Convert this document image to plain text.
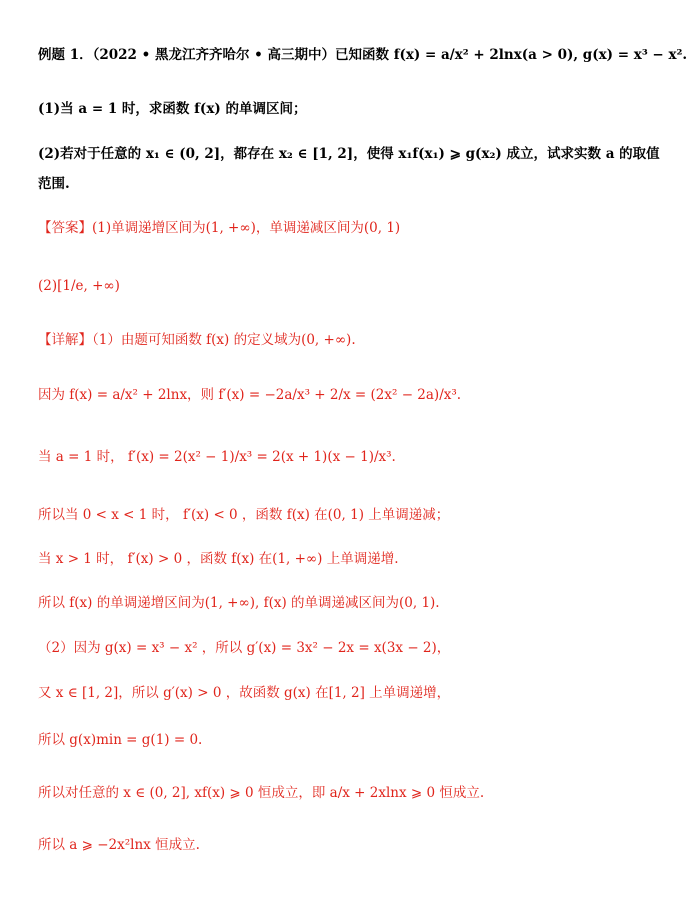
例题 1．（2022 • 黑龙江齐齐哈尔 • 高三期中）已知函数 f(x) = a/x² + 2lnx(a > 0), g(x) = x³ − x².
(1)当 a = 1 时，求函数 f(x) 的单调区间；
(2)若对于任意的 x₁ ∈ (0, 2]，都存在 x₂ ∈ [1, 2]，使得 x₁f(x₁) ⩾ g(x₂) 成立，试求实数 a 的取值
范围.
【答案】(1)单调递增区间为(1, +∞)，单调递减区间为(0, 1)
(2)[1/e, +∞)
【详解】（1）由题可知函数 f(x) 的定义域为(0, +∞).
因为 f(x) = a/x² + 2lnx，则 f′(x) = −2a/x³ + 2/x = (2x² − 2a)/x³.
当 a = 1 时， f′(x) = 2(x² − 1)/x³ = 2(x + 1)(x − 1)/x³.
所以当 0 < x < 1 时， f′(x) < 0 ，函数 f(x) 在(0, 1) 上单调递减；
当 x > 1 时， f′(x) > 0 ，函数 f(x) 在(1, +∞) 上单调递增.
所以 f(x) 的单调递增区间为(1, +∞), f(x) 的单调递减区间为(0, 1).
（2）因为 g(x) = x³ − x² ，所以 g′(x) = 3x² − 2x = x(3x − 2)，
又 x ∈ [1, 2]，所以 g′(x) > 0 ，故函数 g(x) 在[1, 2] 上单调递增，
所以 g(x)min = g(1) = 0.
所以对任意的 x ∈ (0, 2], xf(x) ⩾ 0 恒成立，即 a/x + 2xlnx ⩾ 0 恒成立.
所以 a ⩾ −2x²lnx 恒成立.
